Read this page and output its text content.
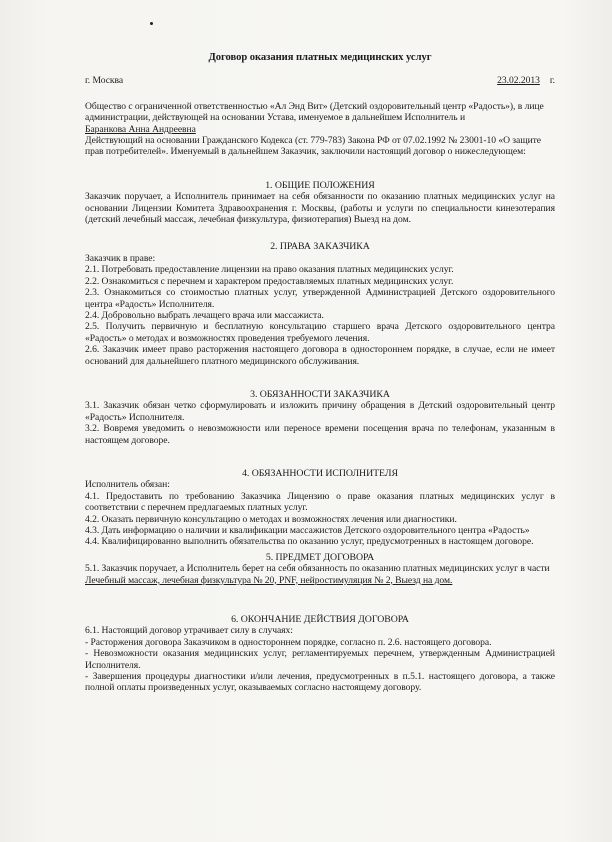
Договор оказания платных медицинских услуг

г. Москва	23.02.2013 г.

Общество с ограниченной ответственностью «Ал Энд Вит» (Детский оздоровительный центр «Радость»), в лице администрации, действующей на основании Устава, именуемое в дальнейшем Исполнитель и

Баранкова Анна Андреевна

Действующий на основании Гражданского Кодекса (ст. 779-783) Закона РФ от 07.02.1992 № 23001-10 «О защите прав потребителей». Именуемый в дальнейшем Заказчик, заключили настоящий договор о нижеследующем:

1. ОБЩИЕ ПОЛОЖЕНИЯ

Заказчик поручает, а Исполнитель принимает на себя обязанности по оказанию платных медицинских услуг на основании Лицензии Комитета Здравоохранения г. Москвы, (работы и услуги по специальности кинезотерапия (детский лечебный массаж, лечебная физкультура, физиотерапия) Выезд на дом.

2. ПРАВА ЗАКАЗЧИКА

Заказчик в праве:

2.1. Потребовать предоставление лицензии на право оказания платных медицинских услуг.

2.2. Ознакомиться с перечнем и характером предоставляемых платных медицинских услуг.

2.3. Ознакомиться со стоимостью платных услуг, утвержденной Администрацией Детского оздоровительного центра «Радость» Исполнителя.

2.4. Добровольно выбрать лечащего врача или массажиста.

2.5. Получить первичную и бесплатную консультацию старшего врача Детского оздоровительного центра «Радость» о методах и возможностях проведения требуемого лечения.

2.6. Заказчик имеет право расторжения настоящего договора в одностороннем порядке, в случае, если не имеет оснований для дальнейшего платного медицинского обслуживания.

3. ОБЯЗАННОСТИ ЗАКАЗЧИКА

3.1. Заказчик обязан четко сформулировать и изложить причину обращения в Детский оздоровительный центр «Радость» Исполнителя.

3.2. Вовремя уведомить о невозможности или переносе времени посещения врача по телефонам, указанным в настоящем договоре.

4. ОБЯЗАННОСТИ ИСПОЛНИТЕЛЯ

Исполнитель обязан:

4.1. Предоставить по требованию Заказчика Лицензию о праве оказания платных медицинских услуг в соответствии с перечнем предлагаемых платных услуг.

4.2. Оказать первичную консультацию о методах и возможностях лечения или диагностики.

4.3. Дать информацию о наличии и квалификации массажистов Детского оздоровительного центра «Радость»

4.4. Квалифицированно выполнить обязательства по оказанию услуг, предусмотренных в настоящем договоре.

5. ПРЕДМЕТ ДОГОВОРА

5.1. Заказчик поручает, а Исполнитель берет на себя обязанность по оказанию платных медицинских услуг в части

Лечебный массаж, лечебная физкультура № 20, PNF, нейростимуляция № 2, Выезд на дом.

6. ОКОНЧАНИЕ ДЕЙСТВИЯ ДОГОВОРА

6.1. Настоящий договор утрачивает силу в случаях:

- Расторжения договора Заказчиком в одностороннем порядке, согласно п. 2.6. настоящего договора.

- Невозможности оказания медицинских услуг, регламентируемых перечнем, утвержденным Администрацией Исполнителя.

- Завершения процедуры диагностики и/или лечения, предусмотренных в п.5.1. настоящего договора, а также полной оплаты произведенных услуг, оказываемых согласно настоящему договору.
